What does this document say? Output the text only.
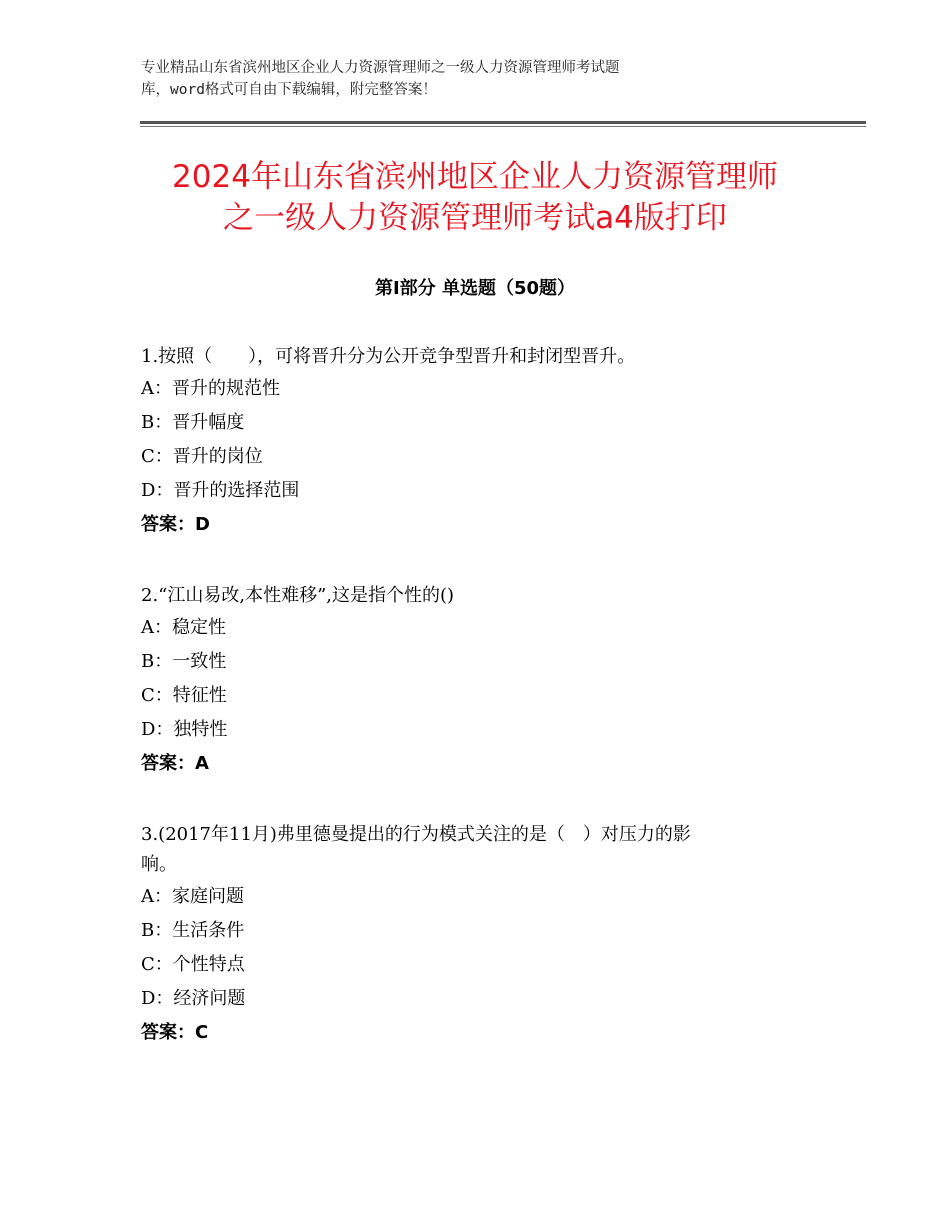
专业精品山东省滨州地区企业人力资源管理师之一级人力资源管理师考试题
库，word格式可自由下载编辑，附完整答案！
2024年山东省滨州地区企业人力资源管理师
之一级人力资源管理师考试a4版打印
第Ⅰ部分 单选题（50题）
1.按照（　　），可将晋升分为公开竞争型晋升和封闭型晋升。
A：晋升的规范性
B：晋升幅度
C：晋升的岗位
D：晋升的选择范围
答案：D
2.“江山易改,本性难移”,这是指个性的()
A：稳定性
B：一致性
C：特征性
D：独特性
答案：A
3.(2017年11月)弗里德曼提出的行为模式关注的是（　）对压力的影
响。
A：家庭问题
B：生活条件
C：个性特点
D：经济问题
答案：C
